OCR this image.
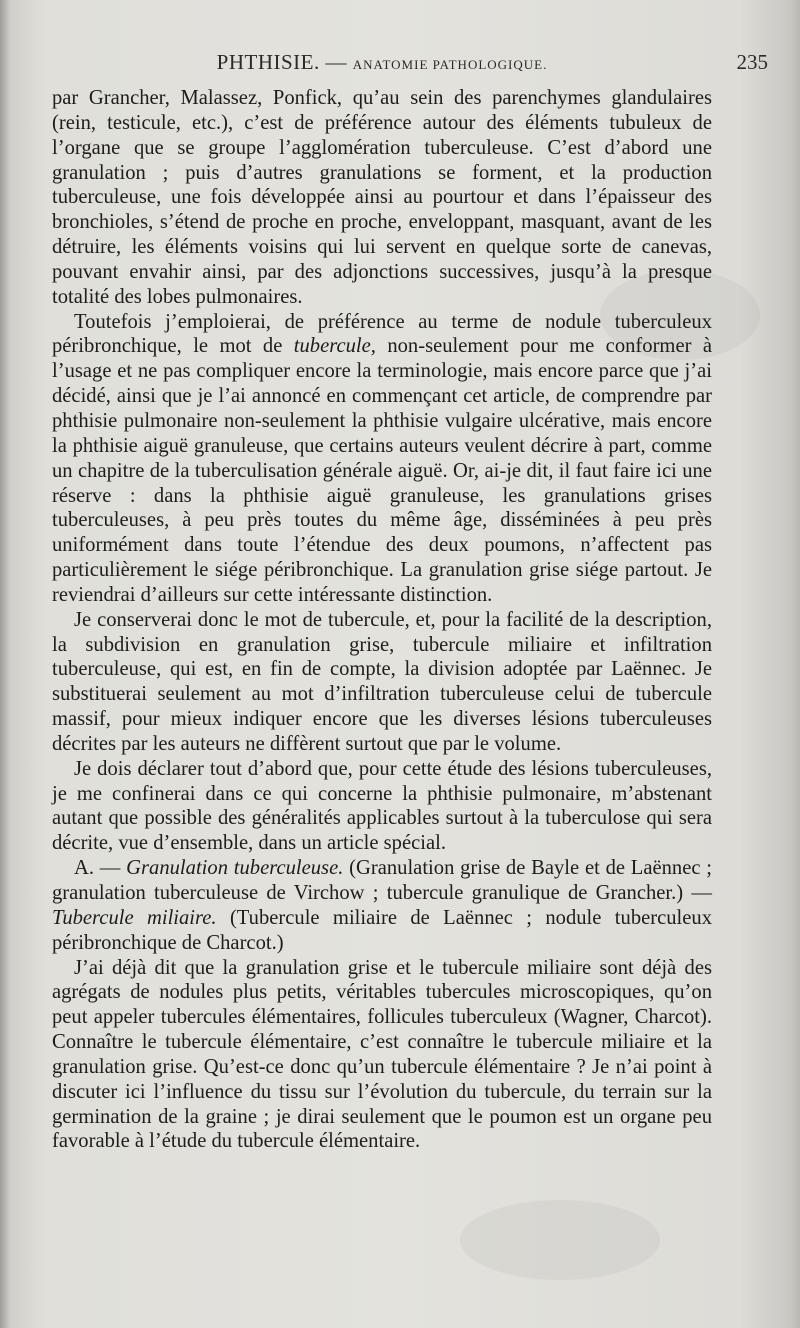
PHTHISIE. — ANATOMIE PATHOLOGIQUE.	235

par Grancher, Malassez, Ponfick, qu’au sein des parenchymes glandulaires (rein, testicule, etc.), c’est de préférence autour des éléments tubuleux de l’organe que se groupe l’agglomération tuberculeuse. C’est d’abord une granulation ; puis d’autres granulations se forment, et la production tuberculeuse, une fois développée ainsi au pourtour et dans l’épaisseur des bronchioles, s’étend de proche en proche, enveloppant, masquant, avant de les détruire, les éléments voisins qui lui servent en quelque sorte de canevas, pouvant envahir ainsi, par des adjonctions successives, jusqu’à la presque totalité des lobes pulmonaires.

Toutefois j’emploierai, de préférence au terme de nodule tuberculeux péribronchique, le mot de tubercule, non-seulement pour me conformer à l’usage et ne pas compliquer encore la terminologie, mais encore parce que j’ai décidé, ainsi que je l’ai annoncé en commençant cet article, de comprendre par phthisie pulmonaire non-seulement la phthisie vulgaire ulcérative, mais encore la phthisie aiguë granuleuse, que certains auteurs veulent décrire à part, comme un chapitre de la tuberculisation générale aiguë. Or, ai-je dit, il faut faire ici une réserve : dans la phthisie aiguë granuleuse, les granulations grises tuberculeuses, à peu près toutes du même âge, disséminées à peu près uniformément dans toute l’étendue des deux poumons, n’affectent pas particulièrement le siége péribronchique. La granulation grise siége partout. Je reviendrai d’ailleurs sur cette intéressante distinction.

Je conserverai donc le mot de tubercule, et, pour la facilité de la description, la subdivision en granulation grise, tubercule miliaire et infiltration tuberculeuse, qui est, en fin de compte, la division adoptée par Laënnec. Je substituerai seulement au mot d’infiltration tuberculeuse celui de tubercule massif, pour mieux indiquer encore que les diverses lésions tuberculeuses décrites par les auteurs ne diffèrent surtout que par le volume.

Je dois déclarer tout d’abord que, pour cette étude des lésions tuberculeuses, je me confinerai dans ce qui concerne la phthisie pulmonaire, m’abstenant autant que possible des généralités applicables surtout à la tuberculose qui sera décrite, vue d’ensemble, dans un article spécial.

A. — Granulation tuberculeuse. (Granulation grise de Bayle et de Laënnec ; granulation tuberculeuse de Virchow ; tubercule granulique de Grancher.) — Tubercule miliaire. (Tubercule miliaire de Laënnec ; nodule tuberculeux péribronchique de Charcot.)

J’ai déjà dit que la granulation grise et le tubercule miliaire sont déjà des agrégats de nodules plus petits, véritables tubercules microscopiques, qu’on peut appeler tubercules élémentaires, follicules tuberculeux (Wagner, Charcot). Connaître le tubercule élémentaire, c’est connaître le tubercule miliaire et la granulation grise. Qu’est-ce donc qu’un tubercule élémentaire ? Je n’ai point à discuter ici l’influence du tissu sur l’évolution du tubercule, du terrain sur la germination de la graine ; je dirai seulement que le poumon est un organe peu favorable à l’étude du tubercule élémentaire.
